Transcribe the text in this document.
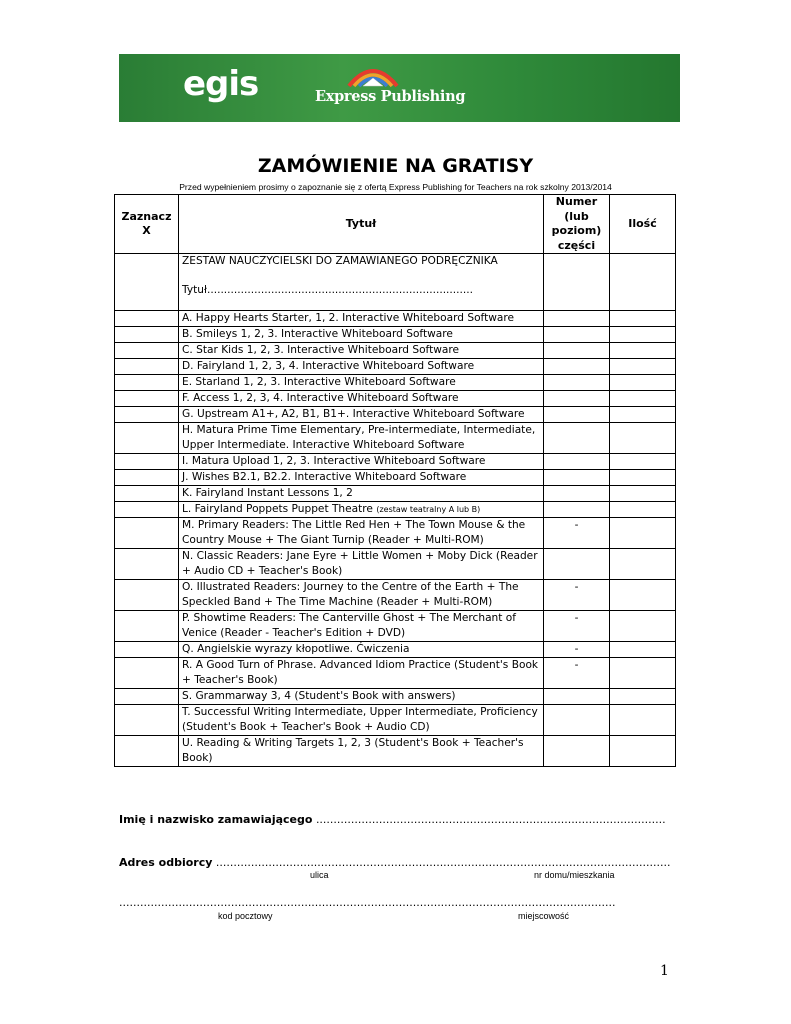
egis	Express Publishing
ZAMÓWIENIE NA GRATISY
Przed wypełnieniem prosimy o zapoznanie się z ofertą Express Publishing for Teachers na rok szkolny 2013/2014
Zaznacz X	Tytuł	Numer (lub poziom) części	Ilość

	ZESTAW NAUCZYCIELSKI DO ZAMAWIANEGO PODRĘCZNIKA
Tytuł...............................................................................		
	A. Happy Hearts Starter, 1, 2. Interactive Whiteboard Software		
	B. Smileys 1, 2, 3. Interactive Whiteboard Software		
	C. Star Kids 1, 2, 3. Interactive Whiteboard Software		
	D. Fairyland 1, 2, 3, 4. Interactive Whiteboard Software		
	E. Starland 1, 2, 3. Interactive Whiteboard Software		
	F. Access 1, 2, 3, 4. Interactive Whiteboard Software		
	G. Upstream A1+, A2, B1, B1+. Interactive Whiteboard Software		
	H. Matura Prime Time Elementary, Pre-intermediate, Intermediate, Upper Intermediate. Interactive Whiteboard Software		
	I. Matura Upload 1, 2, 3. Interactive Whiteboard Software		
	J. Wishes B2.1, B2.2. Interactive Whiteboard Software		
	K. Fairyland Instant Lessons 1, 2		
	L. Fairyland Poppets Puppet Theatre (zestaw teatralny A lub B)		
	M. Primary Readers: The Little Red Hen + The Town Mouse & the Country Mouse + The Giant Turnip (Reader + Multi-ROM)	-	
	N. Classic Readers: Jane Eyre + Little Women + Moby Dick (Reader + Audio CD + Teacher's Book)		
	O. Illustrated Readers: Journey to the Centre of the Earth + The Speckled Band + The Time Machine (Reader + Multi-ROM)	-	
	P. Showtime Readers: The Canterville Ghost + The Merchant of Venice (Reader - Teacher's Edition + DVD)	-	
	Q. Angielskie wyrazy kłopotliwe. Ćwiczenia	-	
	R. A Good Turn of Phrase. Advanced Idiom Practice (Student's Book + Teacher's Book)	-	
	S. Grammarway 3, 4 (Student's Book with answers)		
	T. Successful Writing Intermediate, Upper Intermediate, Proficiency (Student's Book + Teacher's Book + Audio CD)		
	U. Reading & Writing Targets 1, 2, 3 (Student's Book + Teacher's Book)		
Imię i nazwisko zamawiającego ....................................................................................................
Adres odbiorcy ..................................................................................................................................
ulica	nr domu/mieszkania
..............................................................................................................................................
kod pocztowy	miejscowość
1
